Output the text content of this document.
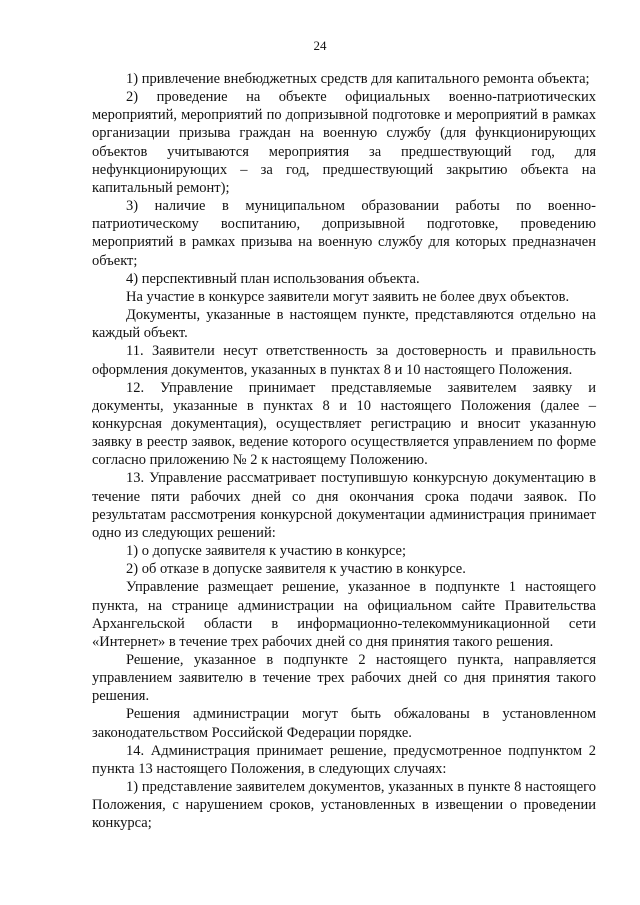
24

1) привлечение внебюджетных средств для капитального ремонта объекта;

2) проведение на объекте официальных военно-патриотических мероприятий, мероприятий по допризывной подготовке и мероприятий в рамках организации призыва граждан на военную службу (для функционирующих объектов учитываются мероприятия за предшествующий год, для нефункционирующих – за год, предшествующий закрытию объекта на капитальный ремонт);

3) наличие в муниципальном образовании работы по военно-патриотическому воспитанию, допризывной подготовке, проведению мероприятий в рамках призыва на военную службу для которых предназначен объект;

4) перспективный план использования объекта.

На участие в конкурсе заявители могут заявить не более двух объектов.

Документы, указанные в настоящем пункте, представляются отдельно на каждый объект.

11. Заявители несут ответственность за достоверность и правильность оформления документов, указанных в пунктах 8 и 10 настоящего Положения.

12. Управление принимает представляемые заявителем заявку и документы, указанные в пунктах 8 и 10 настоящего Положения (далее – конкурсная документация), осуществляет регистрацию и вносит указанную заявку в реестр заявок, ведение которого осуществляется управлением по форме согласно приложению № 2 к настоящему Положению.

13. Управление рассматривает поступившую конкурсную документацию в течение пяти рабочих дней со дня окончания срока подачи заявок. По результатам рассмотрения конкурсной документации администрация принимает одно из следующих решений:

1) о допуске заявителя к участию в конкурсе;

2) об отказе в допуске заявителя к участию в конкурсе.

Управление размещает решение, указанное в подпункте 1 настоящего пункта, на странице администрации на официальном сайте Правительства Архангельской области в информационно-телекоммуникационной сети «Интернет» в течение трех рабочих дней со дня принятия такого решения.

Решение, указанное в подпункте 2 настоящего пункта, направляется управлением заявителю в течение трех рабочих дней со дня принятия такого решения.

Решения администрации могут быть обжалованы в установленном законодательством Российской Федерации порядке.

14. Администрация принимает решение, предусмотренное подпунктом 2 пункта 13 настоящего Положения, в следующих случаях:

1) представление заявителем документов, указанных в пункте 8 настоящего Положения, с нарушением сроков, установленных в извещении о проведении конкурса;
